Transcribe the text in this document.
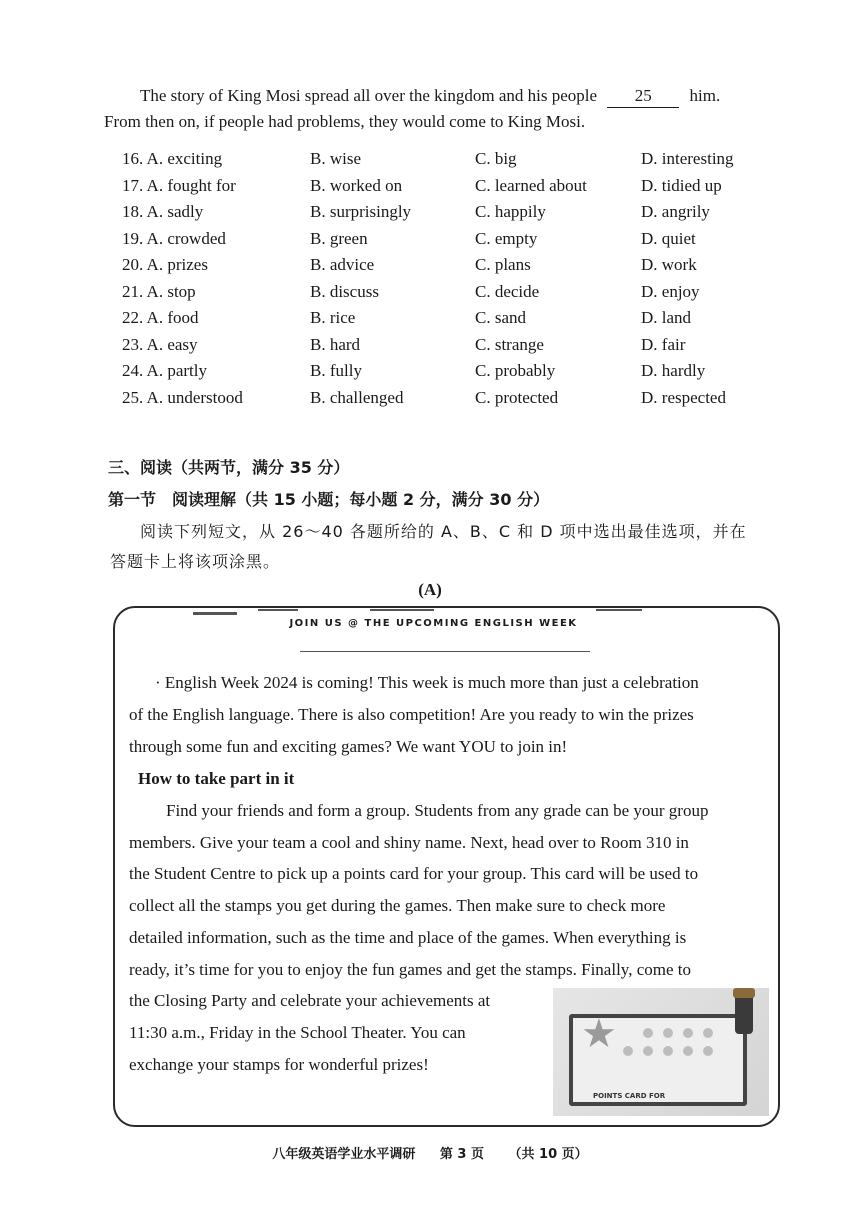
The story of King Mosi spread all over the kingdom and his people 25 him.
From then on, if people had problems, they would come to King Mosi.
16. A. exciting	B. wise	C. big	D. interesting
17. A. fought for	B. worked on	C. learned about	D. tidied up
18. A. sadly	B. surprisingly	C. happily	D. angrily
19. A. crowded	B. green	C. empty	D. quiet
20. A. prizes	B. advice	C. plans	D. work
21. A. stop	B. discuss	C. decide	D. enjoy
22. A. food	B. rice	C. sand	D. land
23. A. easy	B. hard	C. strange	D. fair
24. A. partly	B. fully	C. probably	D. hardly
25. A. understood	B. challenged	C. protected	D. respected
三、阅读（共两节，满分 35 分）
第一节　阅读理解（共 15 小题；每小题 2 分，满分 30 分）
阅读下列短文，从 26～40 各题所给的 A、B、C 和 D 项中选出最佳选项，并在
答题卡上将该项涂黑。
(A)
JOIN US @ THE UPCOMING ENGLISH WEEK
· English Week 2024 is coming! This week is much more than just a celebration
of the English language. There is also competition! Are you ready to win the prizes
through some fun and exciting games? We want YOU to join in!
How to take part in it
Find your friends and form a group. Students from any grade can be your group
members. Give your team a cool and shiny name. Next, head over to Room 310 in
the Student Centre to pick up a points card for your group. This card will be used to
collect all the stamps you get during the games. Then make sure to check more
detailed information, such as the time and place of the games. When everything is
ready, it’s time for you to enjoy the fun games and get the stamps. Finally, come to
the Closing Party and celebrate your achievements at
11:30 a.m., Friday in the School Theater. You can
exchange your stamps for wonderful prizes!
★
POINTS CARD FOR
八年级英语学业水平调研 第 3 页 （共 10 页）
